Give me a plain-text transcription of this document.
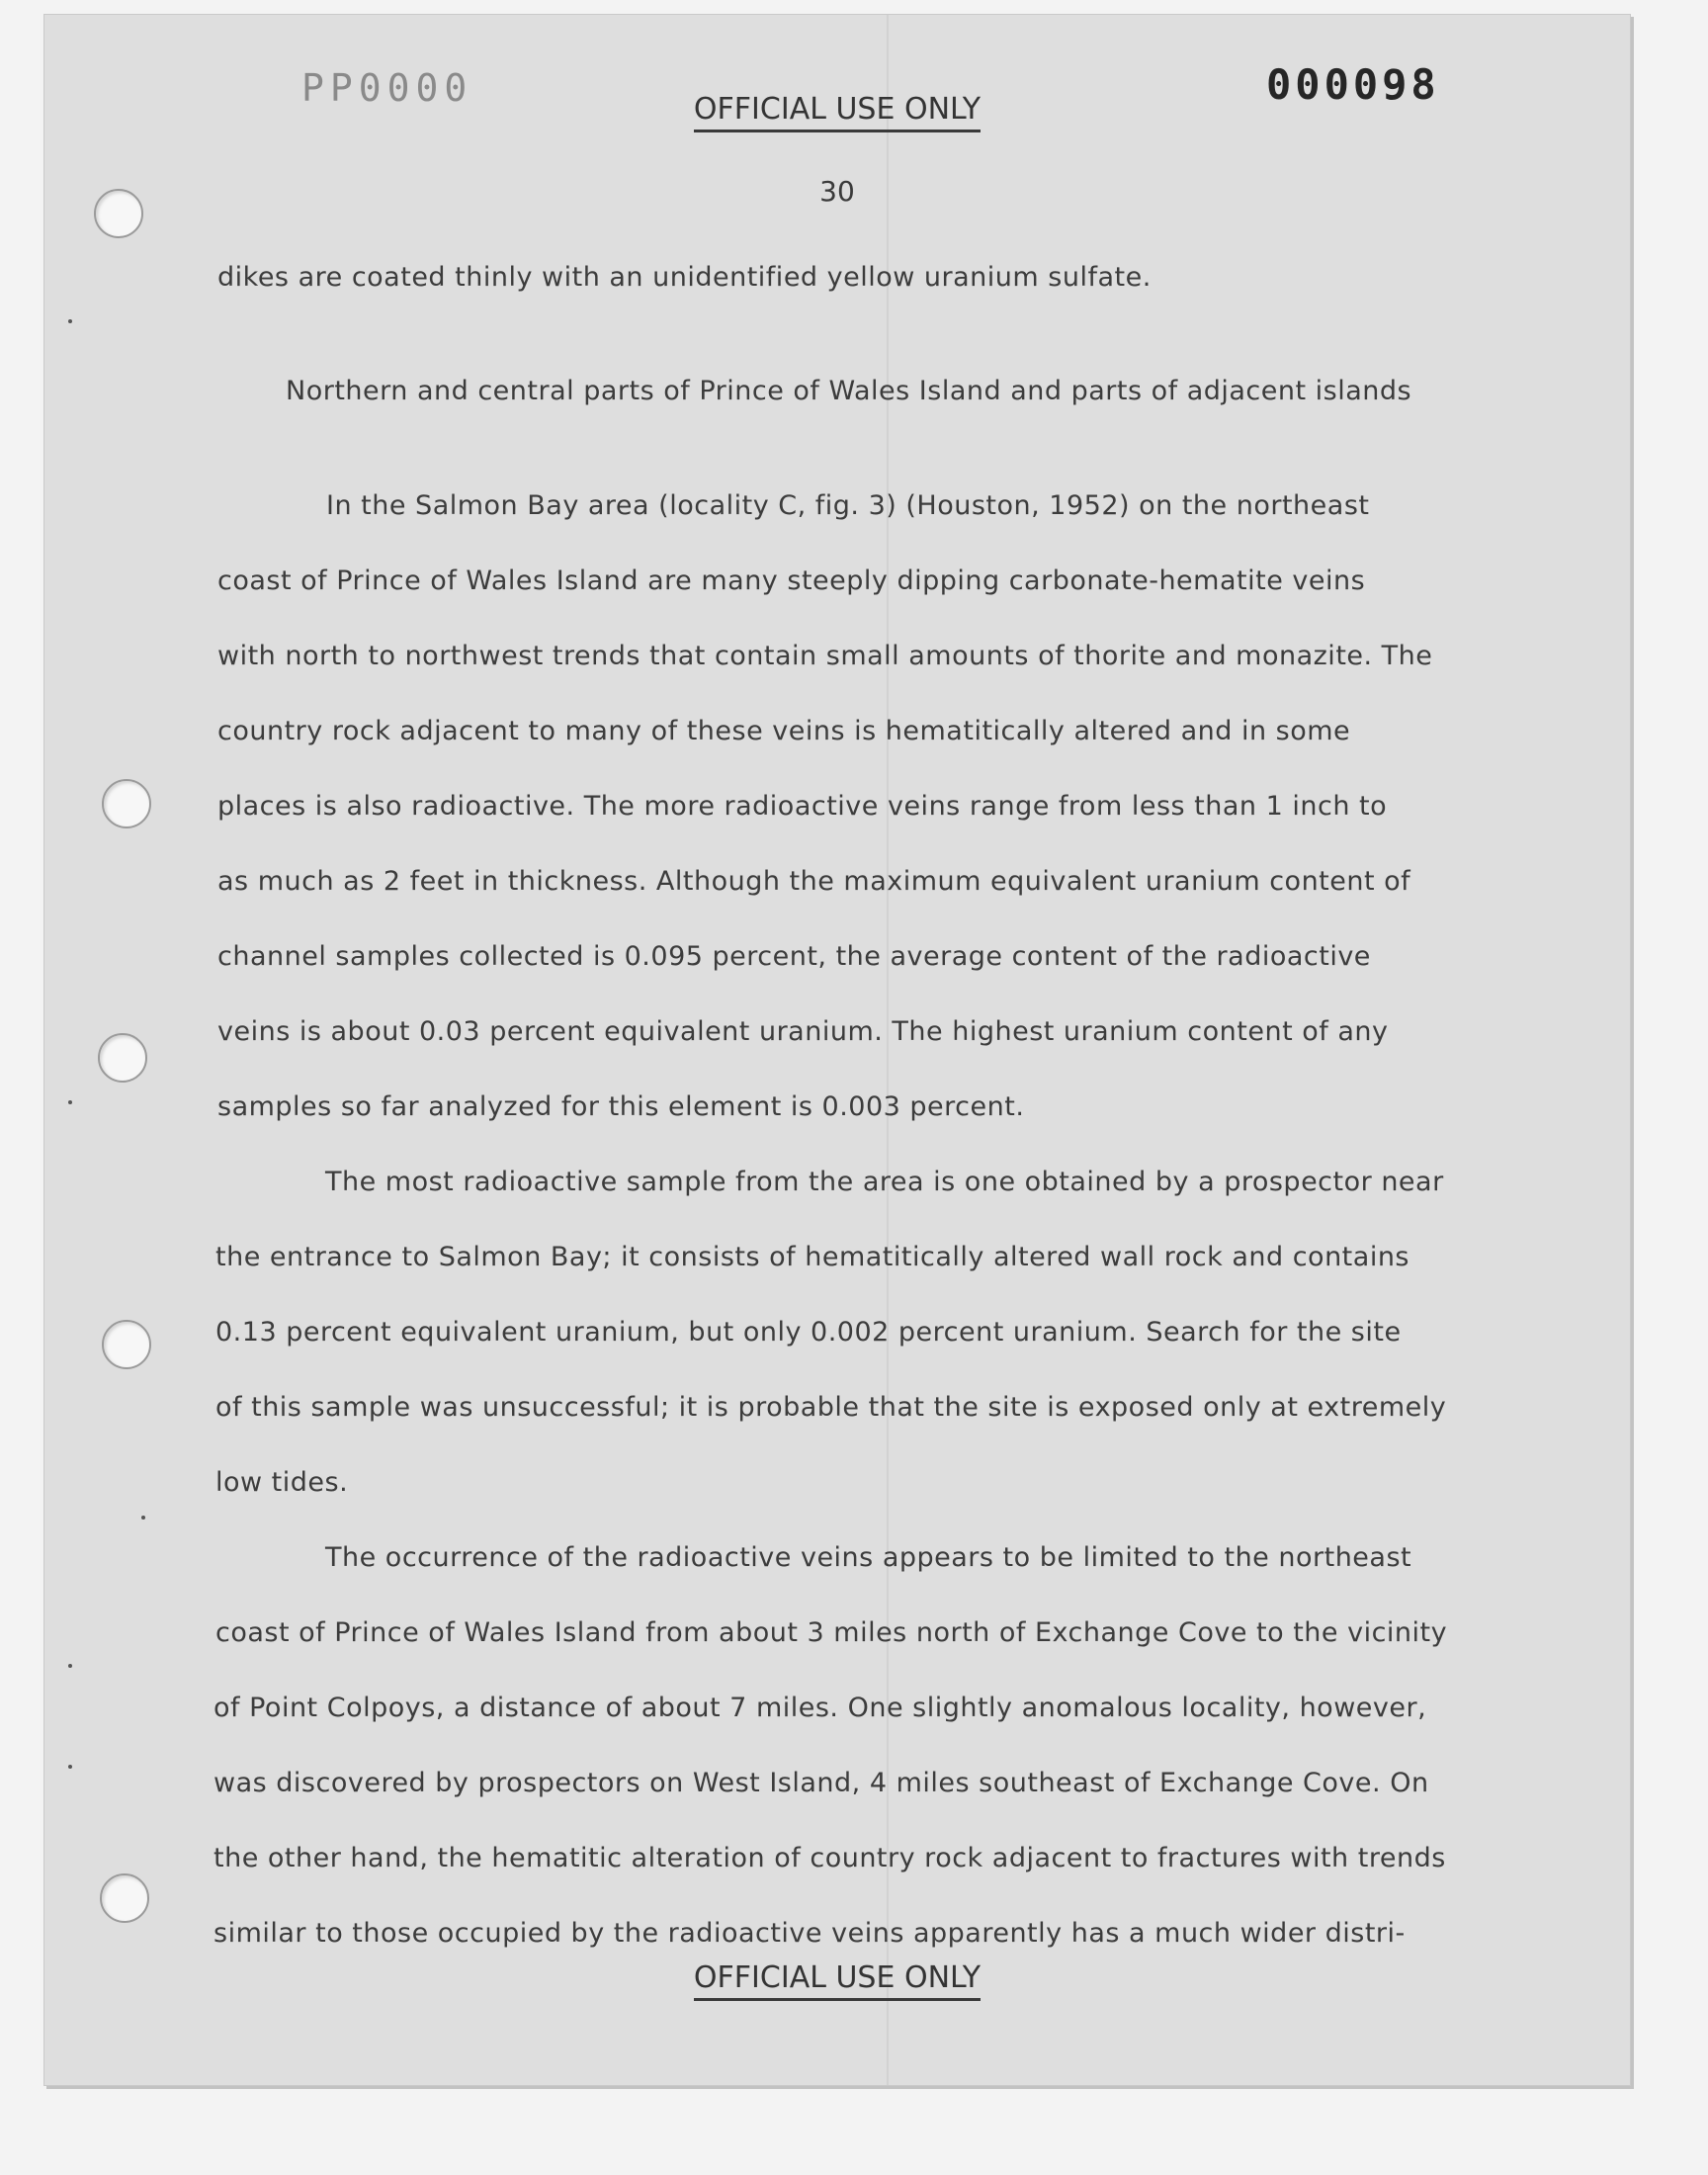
PP0000	000098
OFFICIAL USE ONLY
30
dikes are coated thinly with an unidentified yellow uranium sulfate.
Northern and central parts of Prince of Wales Island and parts of adjacent islands
In the Salmon Bay area (locality C, fig. 3) (Houston, 1952) on the northeast
coast of Prince of Wales Island are many steeply dipping carbonate-hematite veins
with north to northwest trends that contain small amounts of thorite and monazite. The
country rock adjacent to many of these veins is hematitically altered and in some
places is also radioactive. The more radioactive veins range from less than 1 inch to
as much as 2 feet in thickness. Although the maximum equivalent uranium content of
channel samples collected is 0.095 percent, the average content of the radioactive
veins is about 0.03 percent equivalent uranium. The highest uranium content of any
samples so far analyzed for this element is 0.003 percent.
The most radioactive sample from the area is one obtained by a prospector near
the entrance to Salmon Bay; it consists of hematitically altered wall rock and contains
0.13 percent equivalent uranium, but only 0.002 percent uranium. Search for the site
of this sample was unsuccessful; it is probable that the site is exposed only at extremely
low tides.
The occurrence of the radioactive veins appears to be limited to the northeast
coast of Prince of Wales Island from about 3 miles north of Exchange Cove to the vicinity
of Point Colpoys, a distance of about 7 miles. One slightly anomalous locality, however,
was discovered by prospectors on West Island, 4 miles southeast of Exchange Cove. On
the other hand, the hematitic alteration of country rock adjacent to fractures with trends
similar to those occupied by the radioactive veins apparently has a much wider distri-
OFFICIAL USE ONLY
